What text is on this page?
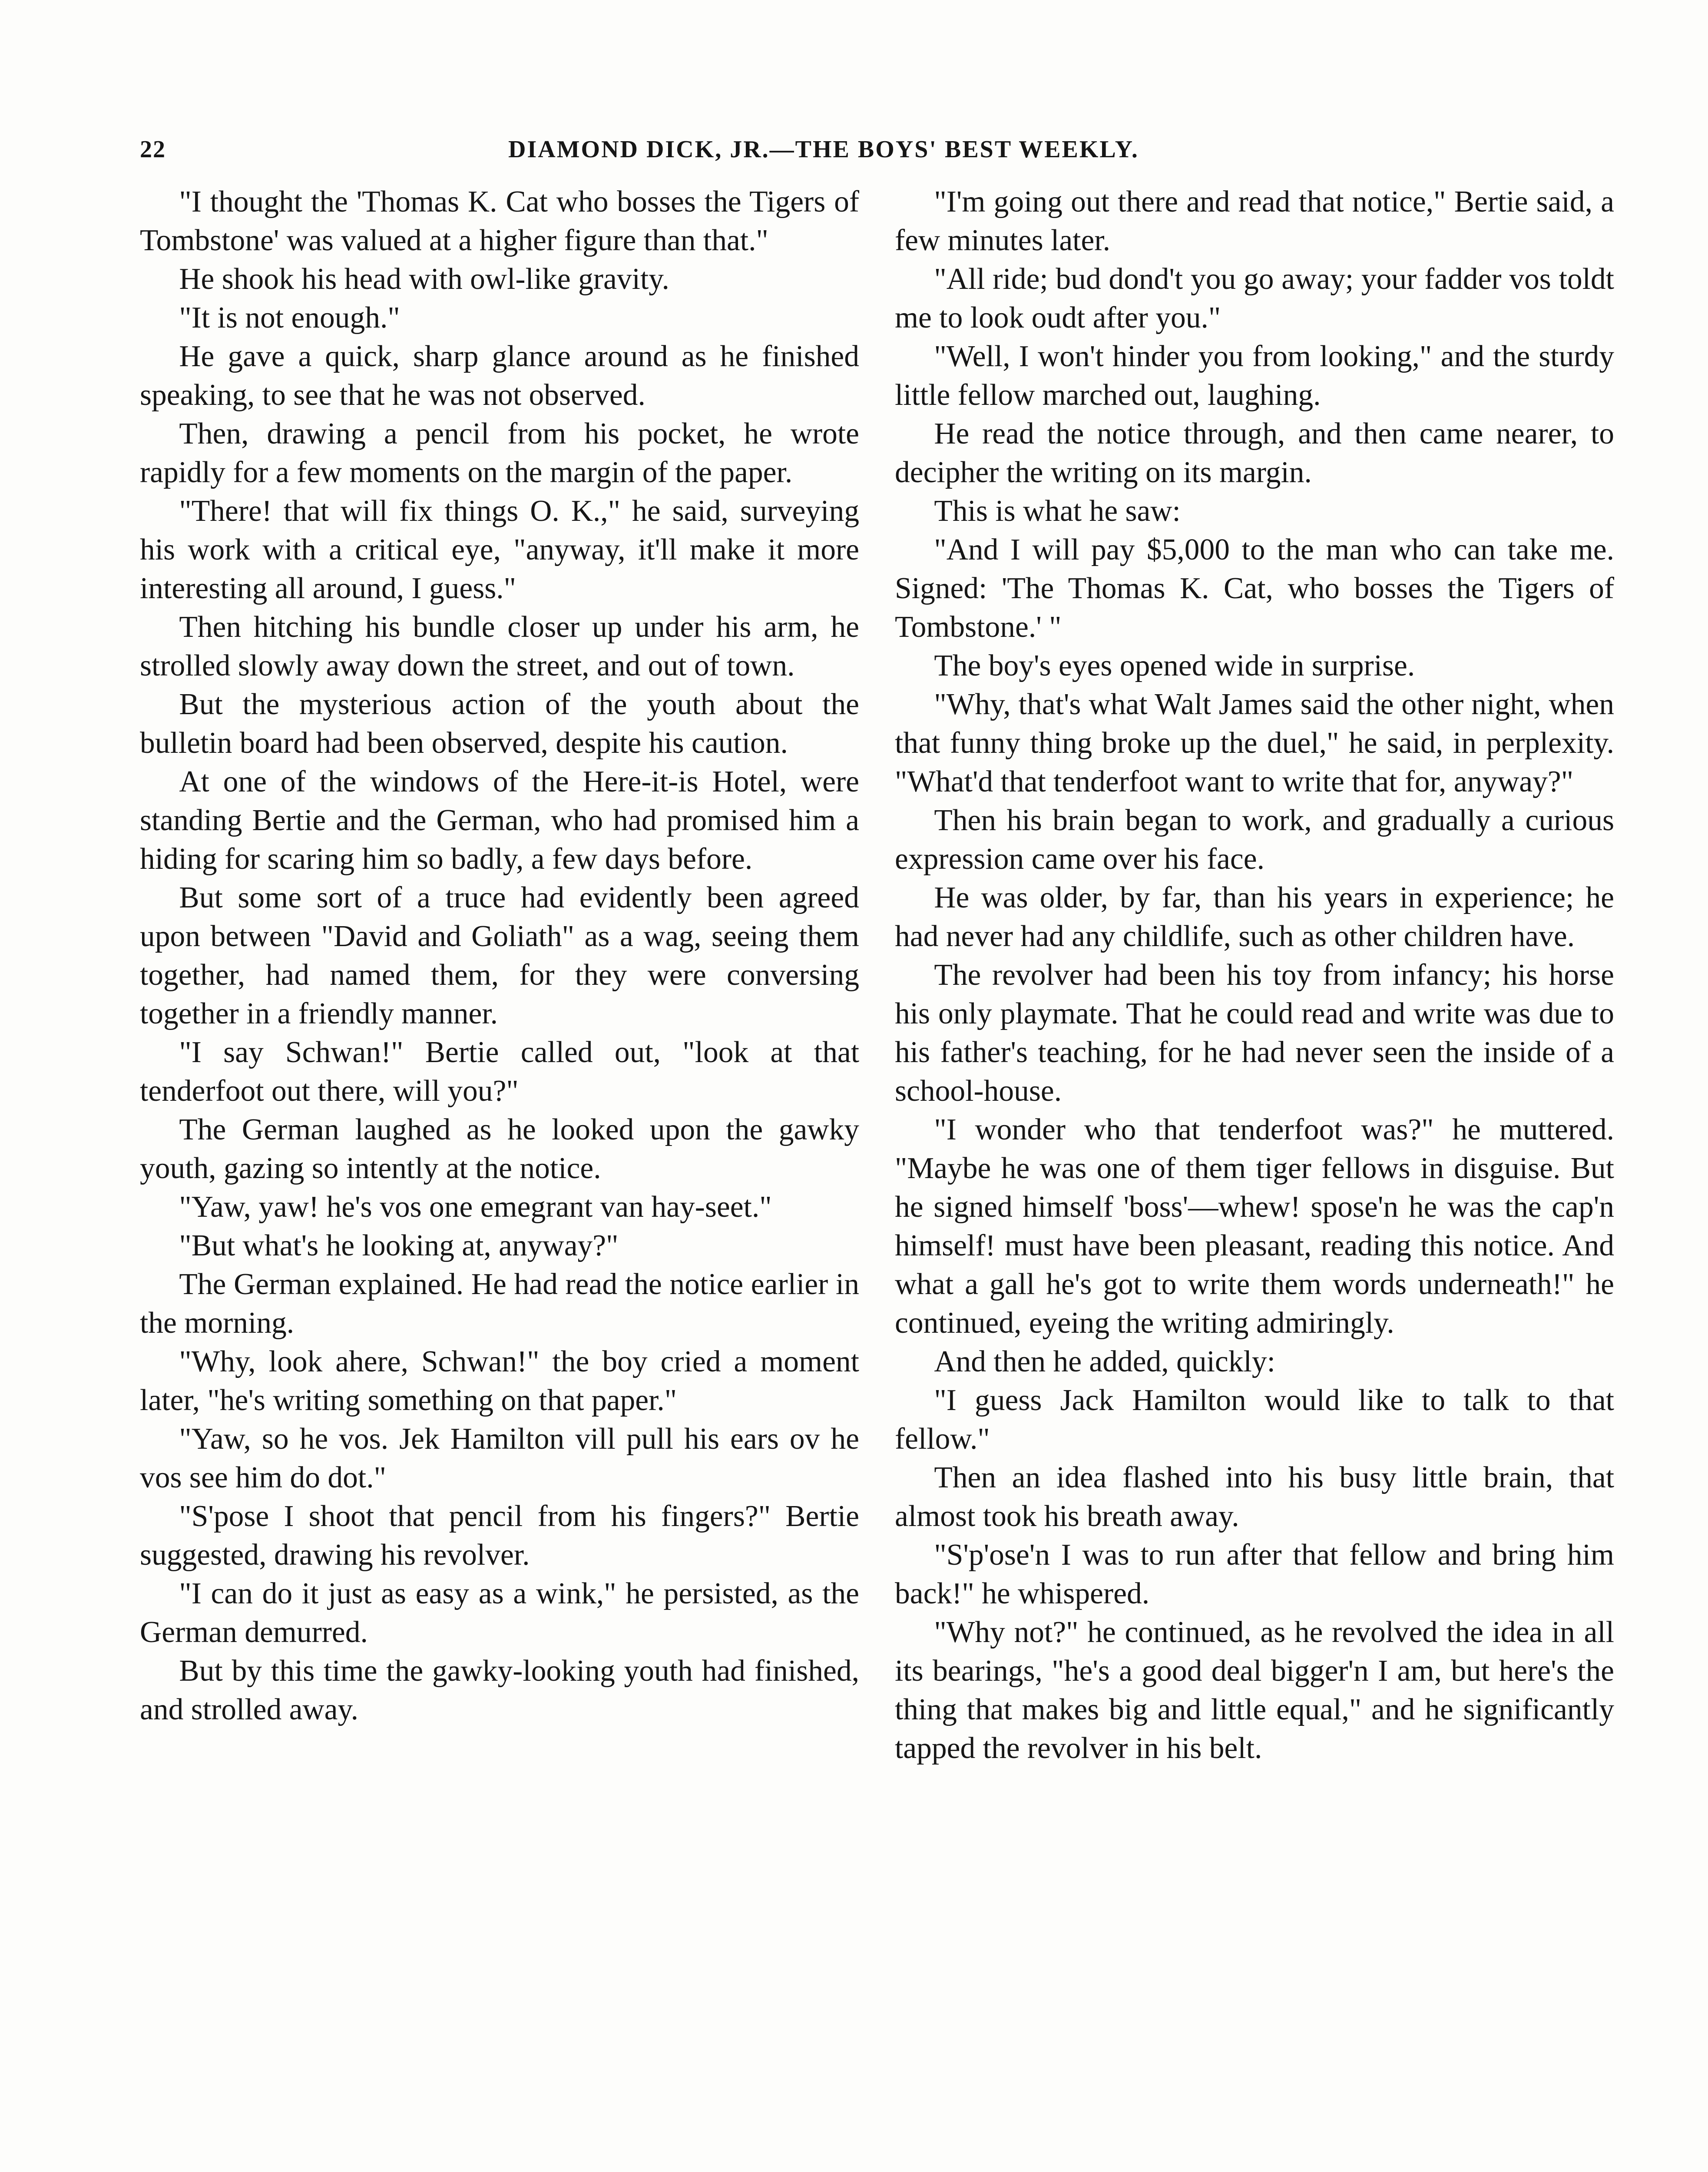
22	DIAMOND DICK, JR.—THE BOYS' BEST WEEKLY.

"I thought the 'Thomas K. Cat who bosses the Tigers of Tombstone' was valued at a higher figure than that."

He shook his head with owl-like gravity.

"It is not enough."

He gave a quick, sharp glance around as he finished speaking, to see that he was not observed.

Then, drawing a pencil from his pocket, he wrote rapidly for a few moments on the margin of the paper.

"There! that will fix things O. K.," he said, surveying his work with a critical eye, "anyway, it'll make it more interesting all around, I guess."

Then hitching his bundle closer up under his arm, he strolled slowly away down the street, and out of town.

But the mysterious action of the youth about the bulletin board had been observed, despite his caution.

At one of the windows of the Here-it-is Hotel, were standing Bertie and the German, who had promised him a hiding for scaring him so badly, a few days before.

But some sort of a truce had evidently been agreed upon between "David and Goliath" as a wag, seeing them together, had named them, for they were conversing together in a friendly manner.

"I say Schwan!" Bertie called out, "look at that tenderfoot out there, will you?"

The German laughed as he looked upon the gawky youth, gazing so intently at the notice.

"Yaw, yaw! he's vos one emegrant van hay-seet."

"But what's he looking at, anyway?"

The German explained. He had read the notice earlier in the morning.

"Why, look ahere, Schwan!" the boy cried a moment later, "he's writing something on that paper."

"Yaw, so he vos. Jek Hamilton vill pull his ears ov he vos see him do dot."

"S'pose I shoot that pencil from his fingers?" Bertie suggested, drawing his revolver.

"I can do it just as easy as a wink," he persisted, as the German demurred.

But by this time the gawky-looking youth had finished, and strolled away.

"I'm going out there and read that notice," Bertie said, a few minutes later.

"All ride; bud dond't you go away; your fadder vos toldt me to look oudt after you."

"Well, I won't hinder you from looking," and the sturdy little fellow marched out, laughing.

He read the notice through, and then came nearer, to decipher the writing on its margin.

This is what he saw:

"And I will pay $5,000 to the man who can take me. Signed: 'The Thomas K. Cat, who bosses the Tigers of Tombstone.' "

The boy's eyes opened wide in surprise.

"Why, that's what Walt James said the other night, when that funny thing broke up the duel," he said, in perplexity. "What'd that tenderfoot want to write that for, anyway?"

Then his brain began to work, and gradually a curious expression came over his face.

He was older, by far, than his years in experience; he had never had any childlife, such as other children have.

The revolver had been his toy from infancy; his horse his only playmate. That he could read and write was due to his father's teaching, for he had never seen the inside of a school-house.

"I wonder who that tenderfoot was?" he muttered. "Maybe he was one of them tiger fellows in disguise. But he signed himself 'boss'—whew! spose'n he was the cap'n himself! must have been pleasant, reading this notice. And what a gall he's got to write them words underneath!" he continued, eyeing the writing admiringly.

And then he added, quickly:

"I guess Jack Hamilton would like to talk to that fellow."

Then an idea flashed into his busy little brain, that almost took his breath away.

"S'p'ose'n I was to run after that fellow and bring him back!" he whispered.

"Why not?" he continued, as he revolved the idea in all its bearings, "he's a good deal bigger'n I am, but here's the thing that makes big and little equal," and he significantly tapped the revolver in his belt.
